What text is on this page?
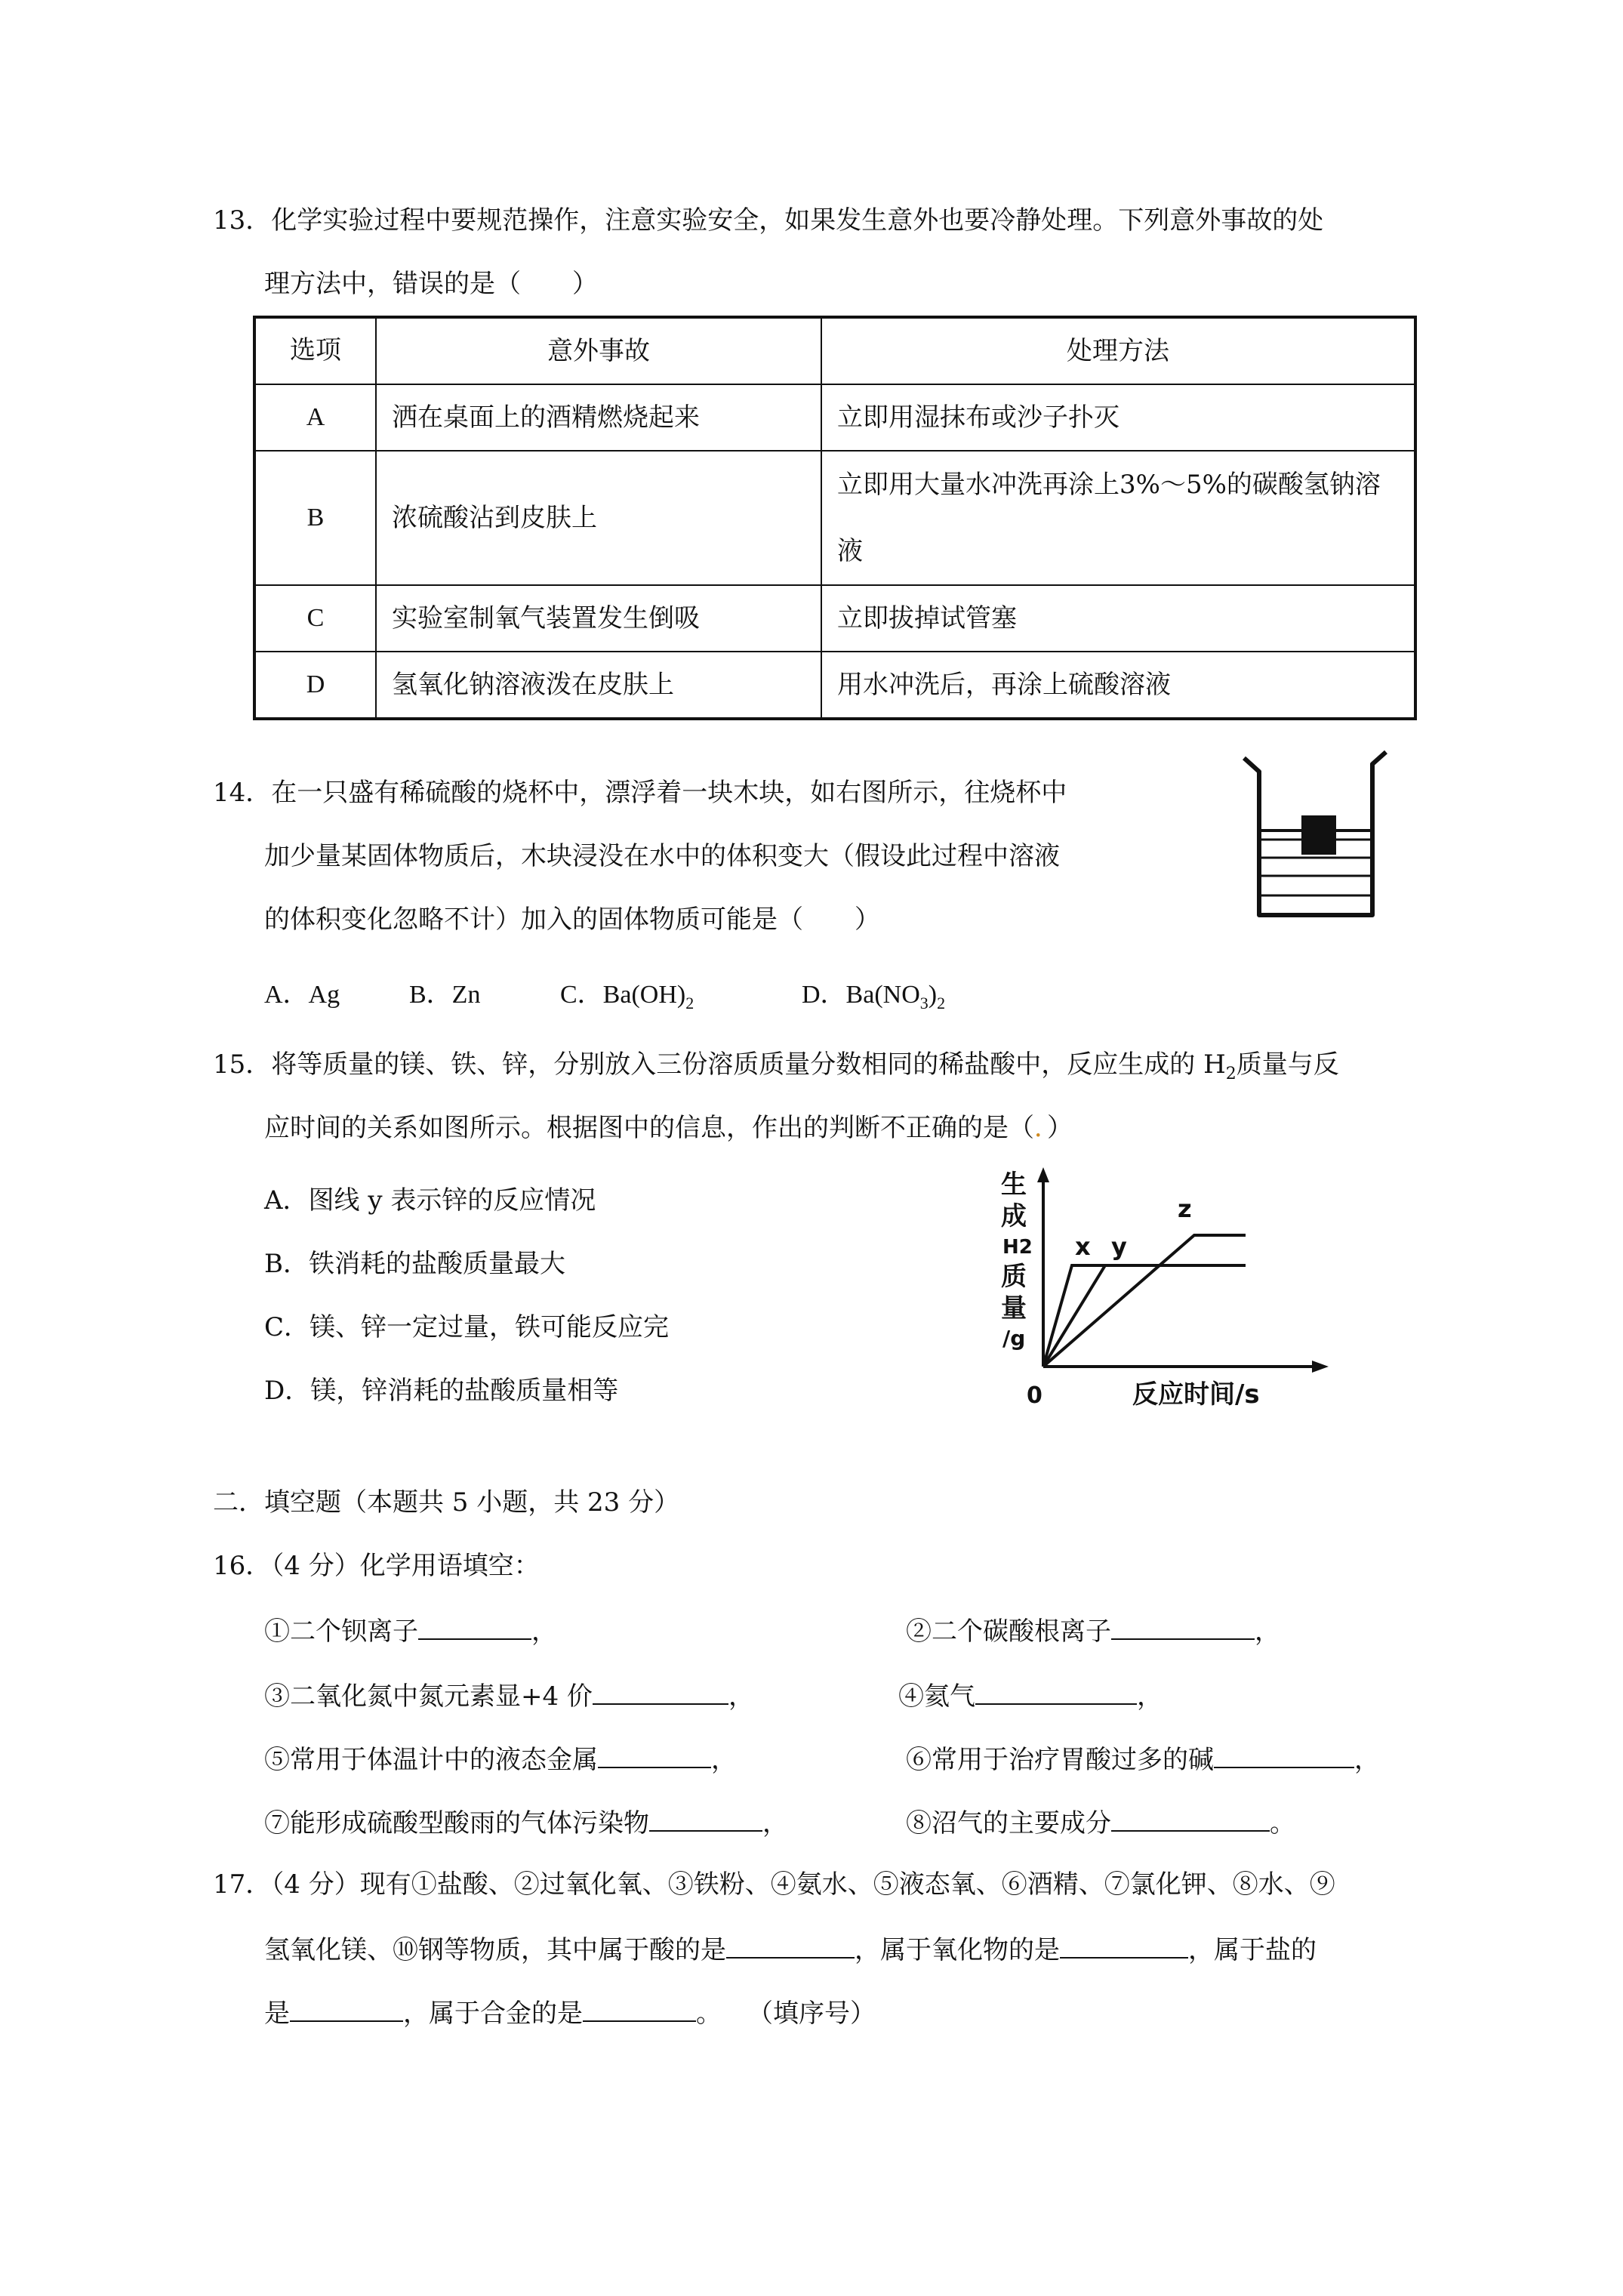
13．化学实验过程中要规范操作，注意实验安全，如果发生意外也要冷静处理。下列意外事故的处
理方法中，错误的是（　　）
选项	意外事故	处理方法
A	洒在桌面上的酒精燃烧起来	立即用湿抹布或沙子扑灭
B	浓硫酸沾到皮肤上	立即用大量水冲洗再涂上3%～5%的碳酸氢钠溶液
C	实验室制氧气装置发生倒吸	立即拔掉试管塞
D	氢氧化钠溶液泼在皮肤上	用水冲洗后，再涂上硫酸溶液
14．在一只盛有稀硫酸的烧杯中，漂浮着一块木块，如右图所示，往烧杯中
加少量某固体物质后，木块浸没在水中的体积变大（假设此过程中溶液
的体积变化忽略不计）加入的固体物质可能是（　　）
A．Ag	B．Zn	C．$Ba(OH)_2$	D．$Ba(NO_3)_2$
15．将等质量的镁、铁、锌，分别放入三份溶质质量分数相同的稀盐酸中，反应生成的 $H_2$质量与反
应时间的关系如图所示。根据图中的信息，作出的判断不正确的是（．）
A．图线 y 表示锌的反应情况
B．铁消耗的盐酸质量最大
C．镁、锌一定过量，铁可能反应完
D．镁，锌消耗的盐酸质量相等
生
成
H2
质
量
/g
0	反应时间/s
x y
z
二．填空题（本题共 5 小题，共 23 分）
16．（4 分）化学用语填空：
①二个钡离子	，	②二个碳酸根离子	，
③二氧化氮中氮元素显+4 价	，	④氦气	，
⑤常用于体温计中的液态金属	，	⑥常用于治疗胃酸过多的碱	，
⑦能形成硫酸型酸雨的气体污染物	，	⑧沼气的主要成分	。
17．（4 分）现有①盐酸、②过氧化氧、③铁粉、④氨水、⑤液态氧、⑥酒精、⑦氯化钾、⑧水、⑨
氢氧化镁、⑩钢等物质，其中属于酸的是	，属于氧化物的是	，属于盐的
是	，属于合金的是	。　　（填序号）
